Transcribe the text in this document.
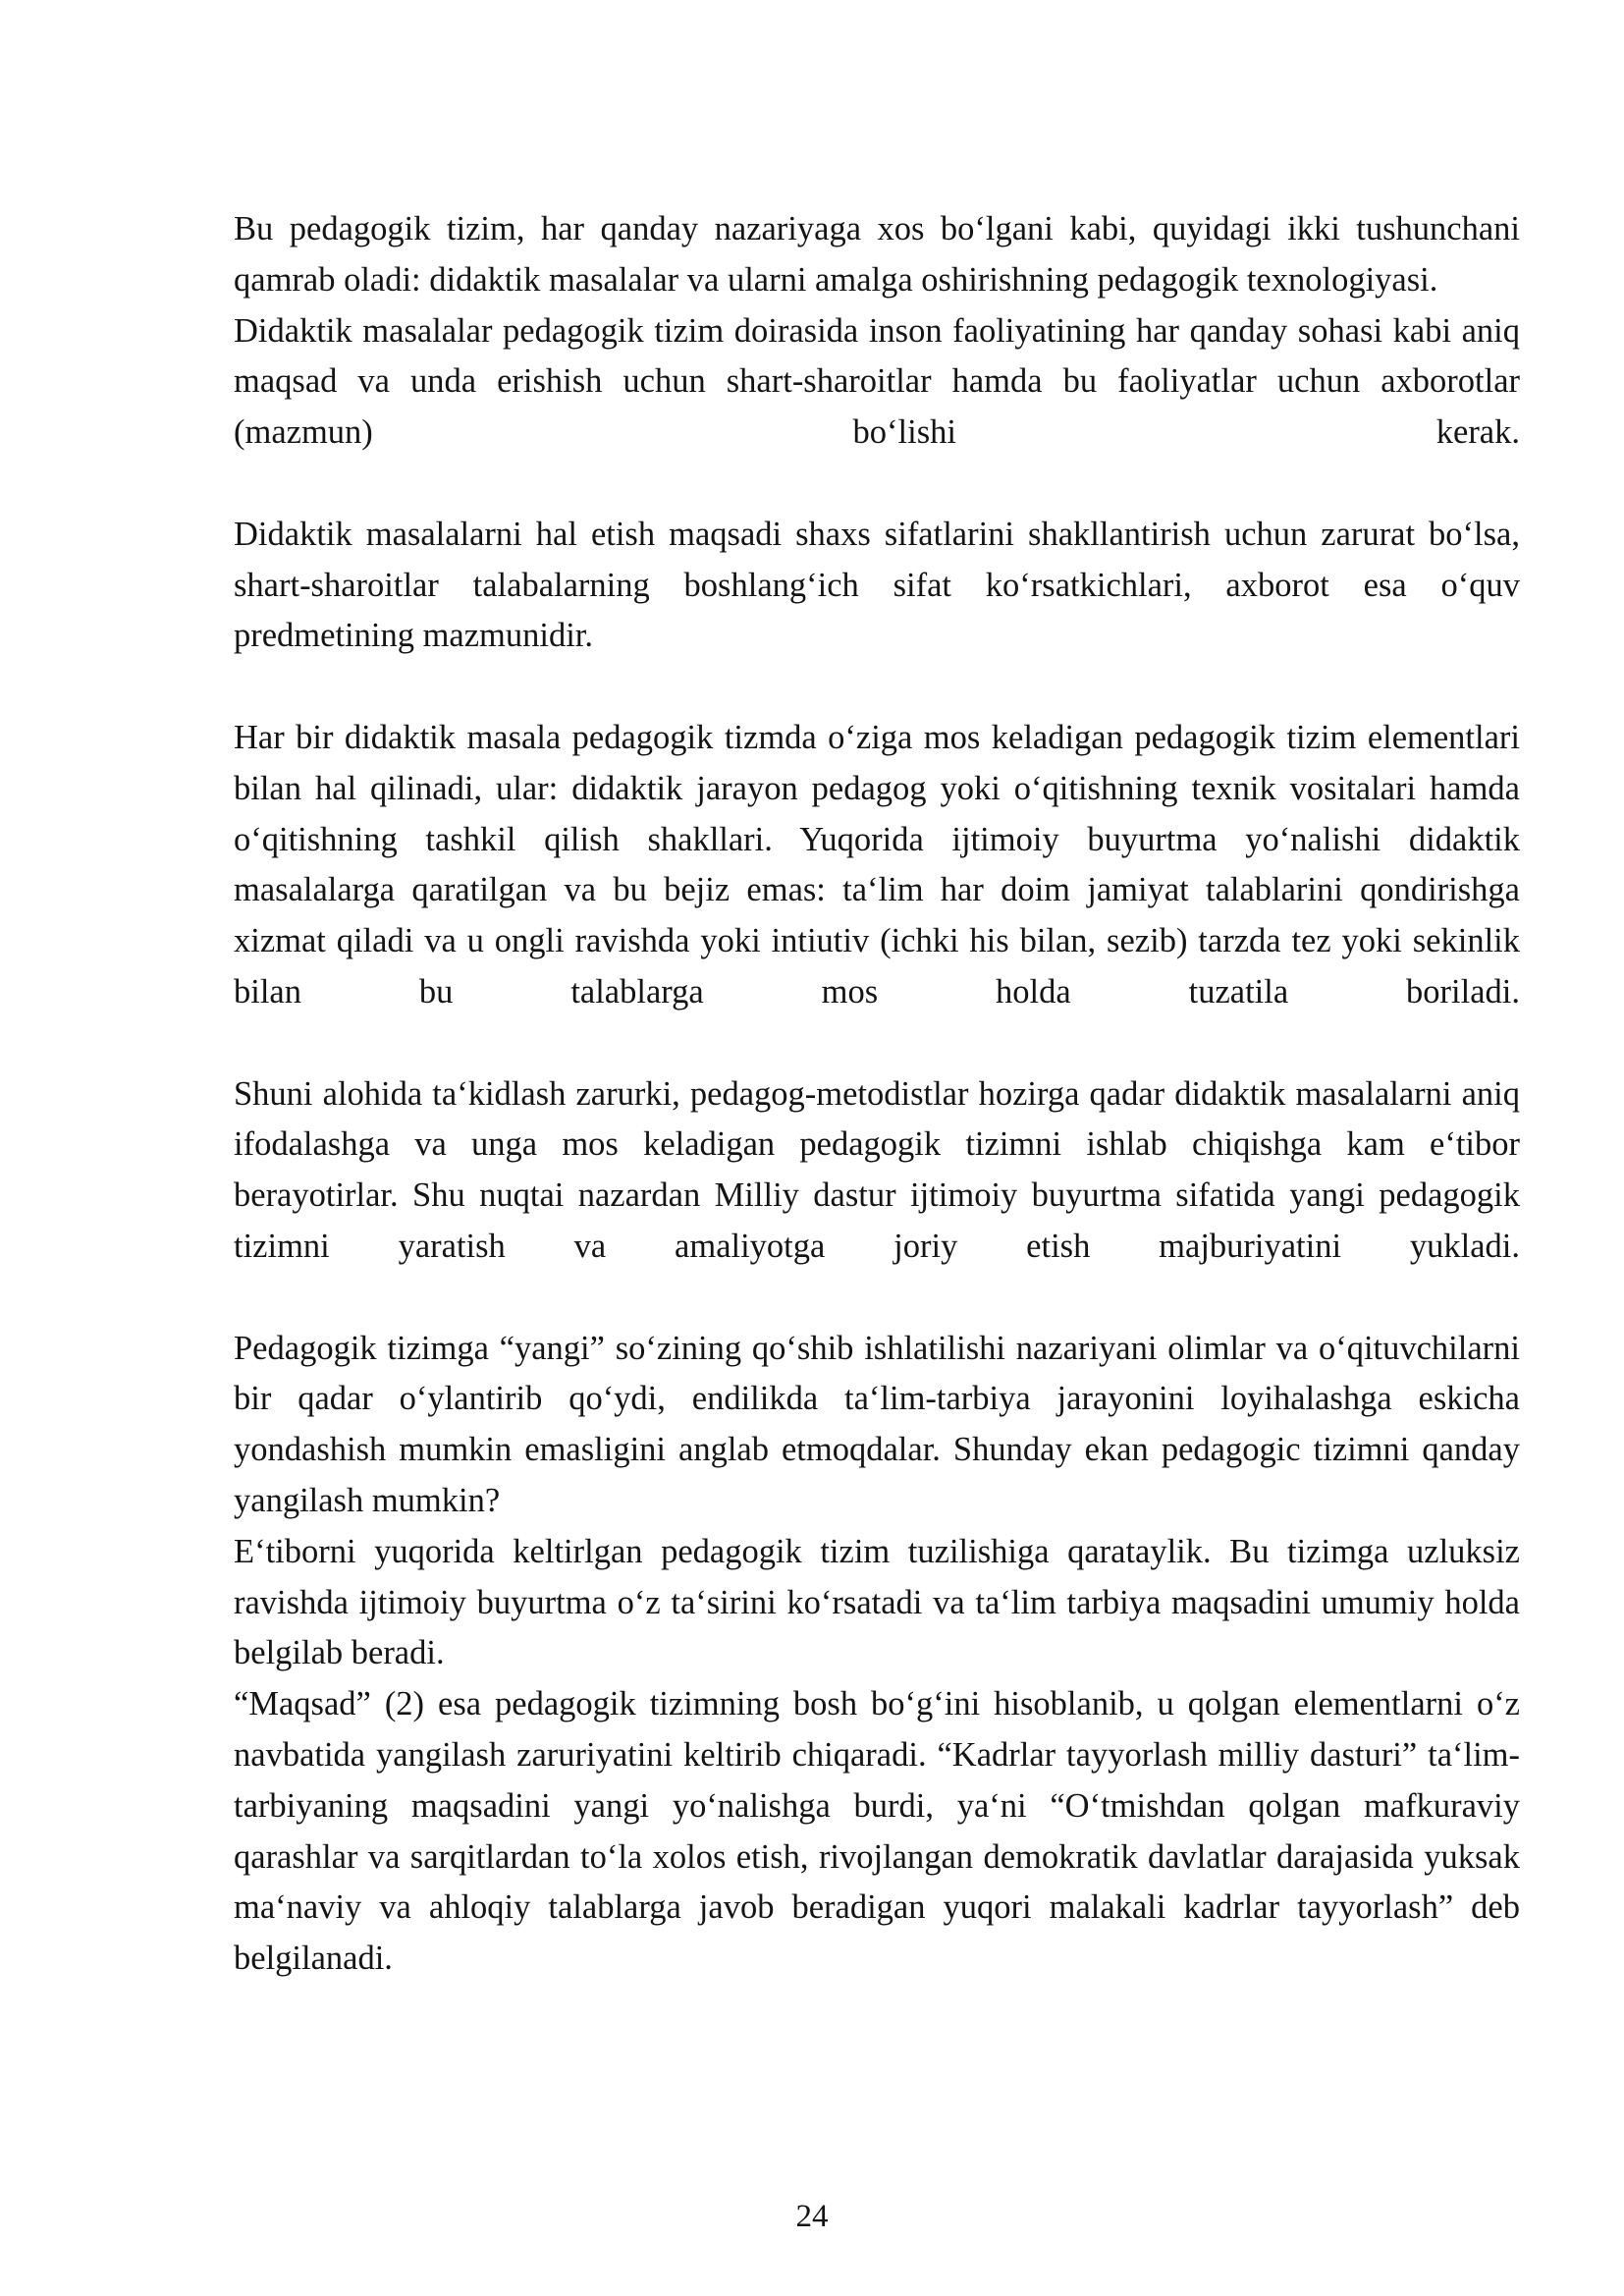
Bu pedagogik tizim, har qanday nazariyaga xos bo‘lgani kabi, quyidagi ikki tushunchani qamrab oladi: didaktik masalalar va ularni amalga oshirishning pedagogik texnologiyasi.

Didaktik masalalar pedagogik tizim doirasida inson faoliyatining har qanday sohasi kabi aniq maqsad va unda erishish uchun shart-sharoitlar hamda bu faoliyatlar uchun axborotlar (mazmun) bo‘lishi kerak.

Didaktik masalalarni hal etish maqsadi shaxs sifatlarini shakllantirish uchun zarurat bo‘lsa, shart-sharoitlar talabalarning boshlang‘ich sifat ko‘rsatkichlari, axborot esa o‘quv predmetining mazmunidir.

Har bir didaktik masala pedagogik tizmda o‘ziga mos keladigan pedagogik tizim elementlari bilan hal qilinadi, ular: didaktik jarayon pedagog yoki o‘qitishning texnik vositalari hamda o‘qitishning tashkil qilish shakllari. Yuqorida ijtimoiy buyurtma yo‘nalishi didaktik masalalarga qaratilgan va bu bejiz emas: ta‘lim har doim jamiyat talablarini qondirishga xizmat qiladi va u ongli ravishda yoki intiutiv (ichki his bilan, sezib) tarzda tez yoki sekinlik bilan bu talablarga mos holda tuzatila boriladi.

Shuni alohida ta‘kidlash zarurki, pedagog-metodistlar hozirga qadar didaktik masalalarni aniq ifodalashga va unga mos keladigan pedagogik tizimni ishlab chiqishga kam e‘tibor berayotirlar. Shu nuqtai nazardan Milliy dastur ijtimoiy buyurtma sifatida yangi pedagogik tizimni yaratish va amaliyotga joriy etish majburiyatini yukladi.

Pedagogik tizimga “yangi” so‘zining qo‘shib ishlatilishi nazariyani olimlar va o‘qituvchilarni bir qadar o‘ylantirib qo‘ydi, endilikda ta‘lim-tarbiya jarayonini loyihalashga eskicha yondashish mumkin emasligini anglab etmoqdalar. Shunday ekan pedagogic tizimni qanday yangilash mumkin?

E‘tiborni yuqorida keltirlgan pedagogik tizim tuzilishiga qarataylik. Bu tizimga uzluksiz ravishda ijtimoiy buyurtma o‘z ta‘sirini ko‘rsatadi va ta‘lim tarbiya maqsadini umumiy holda belgilab beradi.

“Maqsad” (2) esa pedagogik tizimning bosh bo‘g‘ini hisoblanib, u qolgan elementlarni o‘z navbatida yangilash zaruriyatini keltirib chiqaradi. “Kadrlar tayyorlash milliy dasturi” ta‘lim-tarbiyaning maqsadini yangi yo‘nalishga burdi, ya‘ni “O‘tmishdan qolgan mafkuraviy qarashlar va sarqitlardan to‘la xolos etish, rivojlangan demokratik davlatlar darajasida yuksak ma‘naviy va ahloqiy talablarga javob beradigan yuqori malakali kadrlar tayyorlash” deb belgilanadi.

24
